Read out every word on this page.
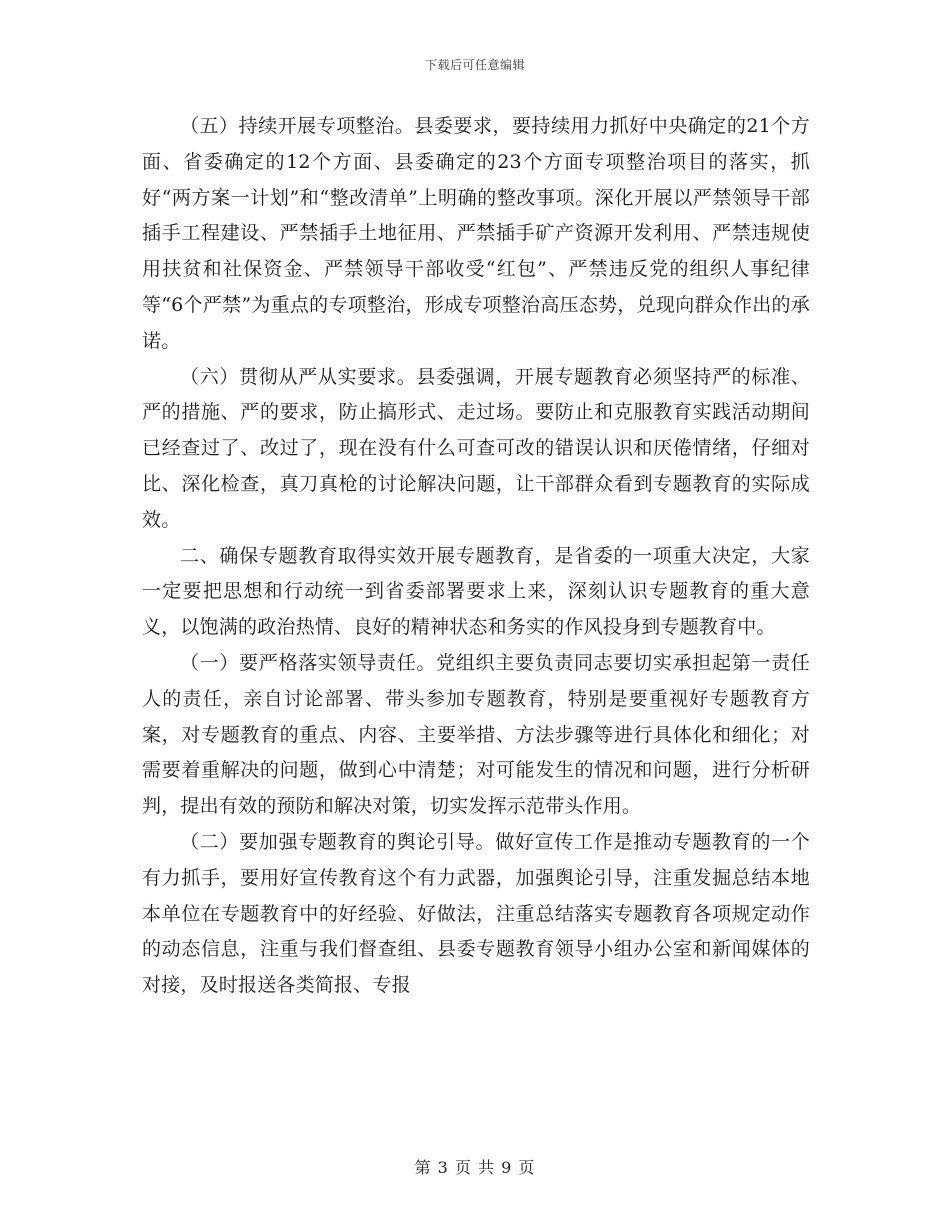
下载后可任意编辑

（五）持续开展专项整治。县委要求，要持续用力抓好中央确定的21个方面、省委确定的12个方面、县委确定的23个方面专项整治项目的落实，抓好“两方案一计划”和“整改清单”上明确的整改事项。深化开展以严禁领导干部插手工程建设、严禁插手土地征用、严禁插手矿产资源开发利用、严禁违规使用扶贫和社保资金、严禁领导干部收受“红包”、严禁违反党的组织人事纪律等“6个严禁”为重点的专项整治，形成专项整治高压态势，兑现向群众作出的承诺。

（六）贯彻从严从实要求。县委强调，开展专题教育必须坚持严的标准、严的措施、严的要求，防止搞形式、走过场。要防止和克服教育实践活动期间已经查过了、改过了，现在没有什么可查可改的错误认识和厌倦情绪，仔细对比、深化检查，真刀真枪的讨论解决问题，让干部群众看到专题教育的实际成效。

二、确保专题教育取得实效开展专题教育，是省委的一项重大决定，大家一定要把思想和行动统一到省委部署要求上来，深刻认识专题教育的重大意义，以饱满的政治热情、良好的精神状态和务实的作风投身到专题教育中。

（一）要严格落实领导责任。党组织主要负责同志要切实承担起第一责任人的责任，亲自讨论部署、带头参加专题教育，特别是要重视好专题教育方案，对专题教育的重点、内容、主要举措、方法步骤等进行具体化和细化；对需要着重解决的问题，做到心中清楚；对可能发生的情况和问题，进行分析研判，提出有效的预防和解决对策，切实发挥示范带头作用。

（二）要加强专题教育的舆论引导。做好宣传工作是推动专题教育的一个有力抓手，要用好宣传教育这个有力武器，加强舆论引导，注重发掘总结本地本单位在专题教育中的好经验、好做法，注重总结落实专题教育各项规定动作的动态信息，注重与我们督查组、县委专题教育领导小组办公室和新闻媒体的对接，及时报送各类简报、专报

第 3 页 共 9 页
